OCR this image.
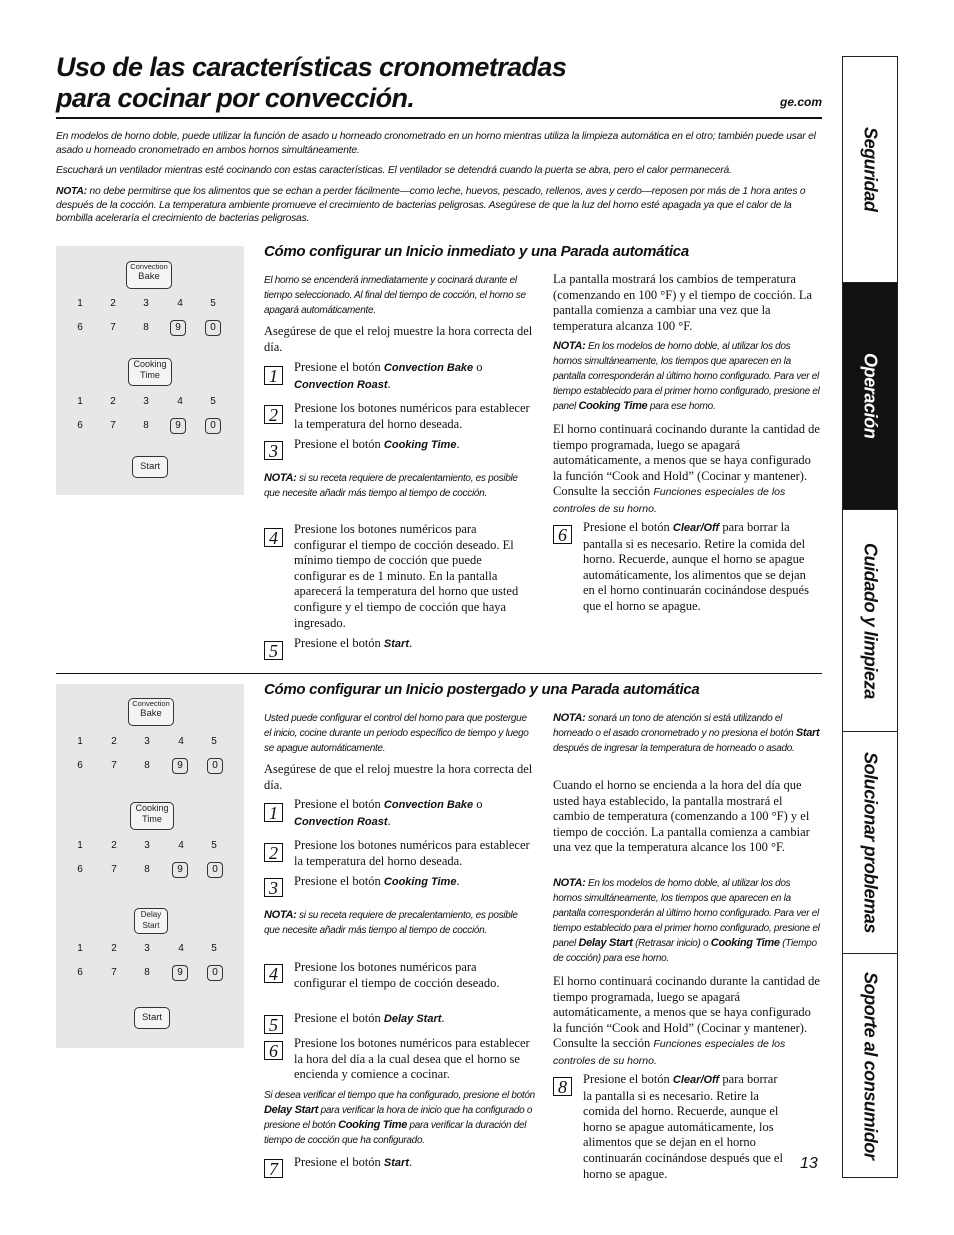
Uso de las características cronometradas
para cocinar por convección.	ge.com

En modelos de horno doble, puede utilizar la función de asado u horneado cronometrado en un horno mientras utiliza la limpieza automática en el otro; también puede usar el asado u horneado cronometrado en ambos hornos simultáneamente.

Escuchará un ventilador mientras esté cocinando con estas características. El ventilador se detendrá cuando la puerta se abra, pero el calor permanecerá.

NOTA: no debe permitirse que los alimentos que se echan a perder fácilmente—como leche, huevos, pescado, rellenos, aves y cerdo—reposen por más de 1 hora antes o después de la cocción. La temperatura ambiente promueve el crecimiento de bacterias peligrosas. Asegúrese de que la luz del horno esté apagada ya que el calor de la bombilla aceleraría el crecimiento de bacterias peligrosas.

Convection
Bake
1	2	3	4	5
6	7	8	9	0
Cooking
Time
1	2	3	4	5
6	7	8	9	0
Start
Cómo configurar un Inicio inmediato y una Parada automática

El horno se encenderá inmediatamente y cocinará durante el tiempo seleccionado. Al final del tiempo de cocción, el horno se apagará automáticamente.

Asegúrese de que el reloj muestre la hora correcta del día.

1	Presione el botón Convection Bake o Convection Roast.

2	Presione los botones numéricos para establecer la temperatura del horno deseada.

3	Presione el botón Cooking Time.

NOTA: si su receta requiere de precalentamiento, es posible que necesite añadir más tiempo al tiempo de cocción.

4	Presione los botones numéricos para configurar el tiempo de cocción deseado. El mínimo tiempo de cocción que puede configurar es de 1 minuto. En la pantalla aparecerá la temperatura del horno que usted configure y el tiempo de cocción que haya ingresado.

5	Presione el botón Start.

La pantalla mostrará los cambios de temperatura (comenzando en 100 °F) y el tiempo de cocción. La pantalla comienza a cambiar una vez que la temperatura alcanza 100 °F.

NOTA: En los modelos de horno doble, al utilizar los dos hornos simultáneamente, los tiempos que aparecen en la pantalla corresponderán al último horno configurado. Para ver el tiempo establecido para el primer horno configurado, presione el panel Cooking Time para ese horno.

El horno continuará cocinando durante la cantidad de tiempo programada, luego se apagará automáticamente, a menos que se haya configurado la función “Cook and Hold” (Cocinar y mantener). Consulte la sección Funciones especiales de los controles de su horno.

6	Presione el botón Clear/Off para borrar la pantalla si es necesario. Retire la comida del horno. Recuerde, aunque el horno se apague automáticamente, los alimentos que se dejan en el horno continuarán cocinándose después que el horno se apague.

Convection
Bake
1	2	3	4	5
6	7	8	9	0
Cooking
Time
1	2	3	4	5
6	7	8	9	0
Delay
Start
1	2	3	4	5
6	7	8	9	0
Start
Cómo configurar un Inicio postergado y una Parada automática

Usted puede configurar el control del horno para que postergue el inicio, cocine durante un periodo específico de tiempo y luego se apague automáticamente.

Asegúrese de que el reloj muestre la hora correcta del día.

1	Presione el botón Convection Bake o Convection Roast.

2	Presione los botones numéricos para establecer la temperatura del horno deseada.

3	Presione el botón Cooking Time.

NOTA: si su receta requiere de precalentamiento, es posible que necesite añadir más tiempo al tiempo de cocción.

4	Presione los botones numéricos para configurar el tiempo de cocción deseado.

5	Presione el botón Delay Start.

6	Presione los botones numéricos para establecer la hora del día a la cual desea que el horno se encienda y comience a cocinar.

Si desea verificar el tiempo que ha configurado, presione el botón Delay Start para verificar la hora de inicio que ha configurado o presione el botón Cooking Time para verificar la duración del tiempo de cocción que ha configurado.

7	Presione el botón Start.

NOTA: sonará un tono de atención si está utilizando el horneado o el asado cronometrado y no presiona el botón Start después de ingresar la temperatura de horneado o asado.

Cuando el horno se encienda a la hora del día que usted haya establecido, la pantalla mostrará el cambio de temperatura (comenzando a 100 °F) y el tiempo de cocción. La pantalla comienza a cambiar una vez que la temperatura alcance los 100 °F.

NOTA: En los modelos de horno doble, al utilizar los dos hornos simultáneamente, los tiempos que aparecen en la pantalla corresponderán al último horno configurado. Para ver el tiempo establecido para el primer horno configurado, presione el panel Delay Start (Retrasar inicio) o Cooking Time (Tiempo de cocción) para ese horno.

El horno continuará cocinando durante la cantidad de tiempo programada, luego se apagará automáticamente, a menos que se haya configurado la función “Cook and Hold” (Cocinar y mantener). Consulte la sección Funciones especiales de los controles de su horno.

8	Presione el botón Clear/Off para borrar la pantalla si es necesario. Retire la comida del horno. Recuerde, aunque el horno se apague automáticamente, los alimentos que se dejan en el horno continuarán cocinándose después que el horno se apague.

13
Seguridad
Operación
Cuidado y limpieza
Solucionar problemas
Soporte al consumidor
